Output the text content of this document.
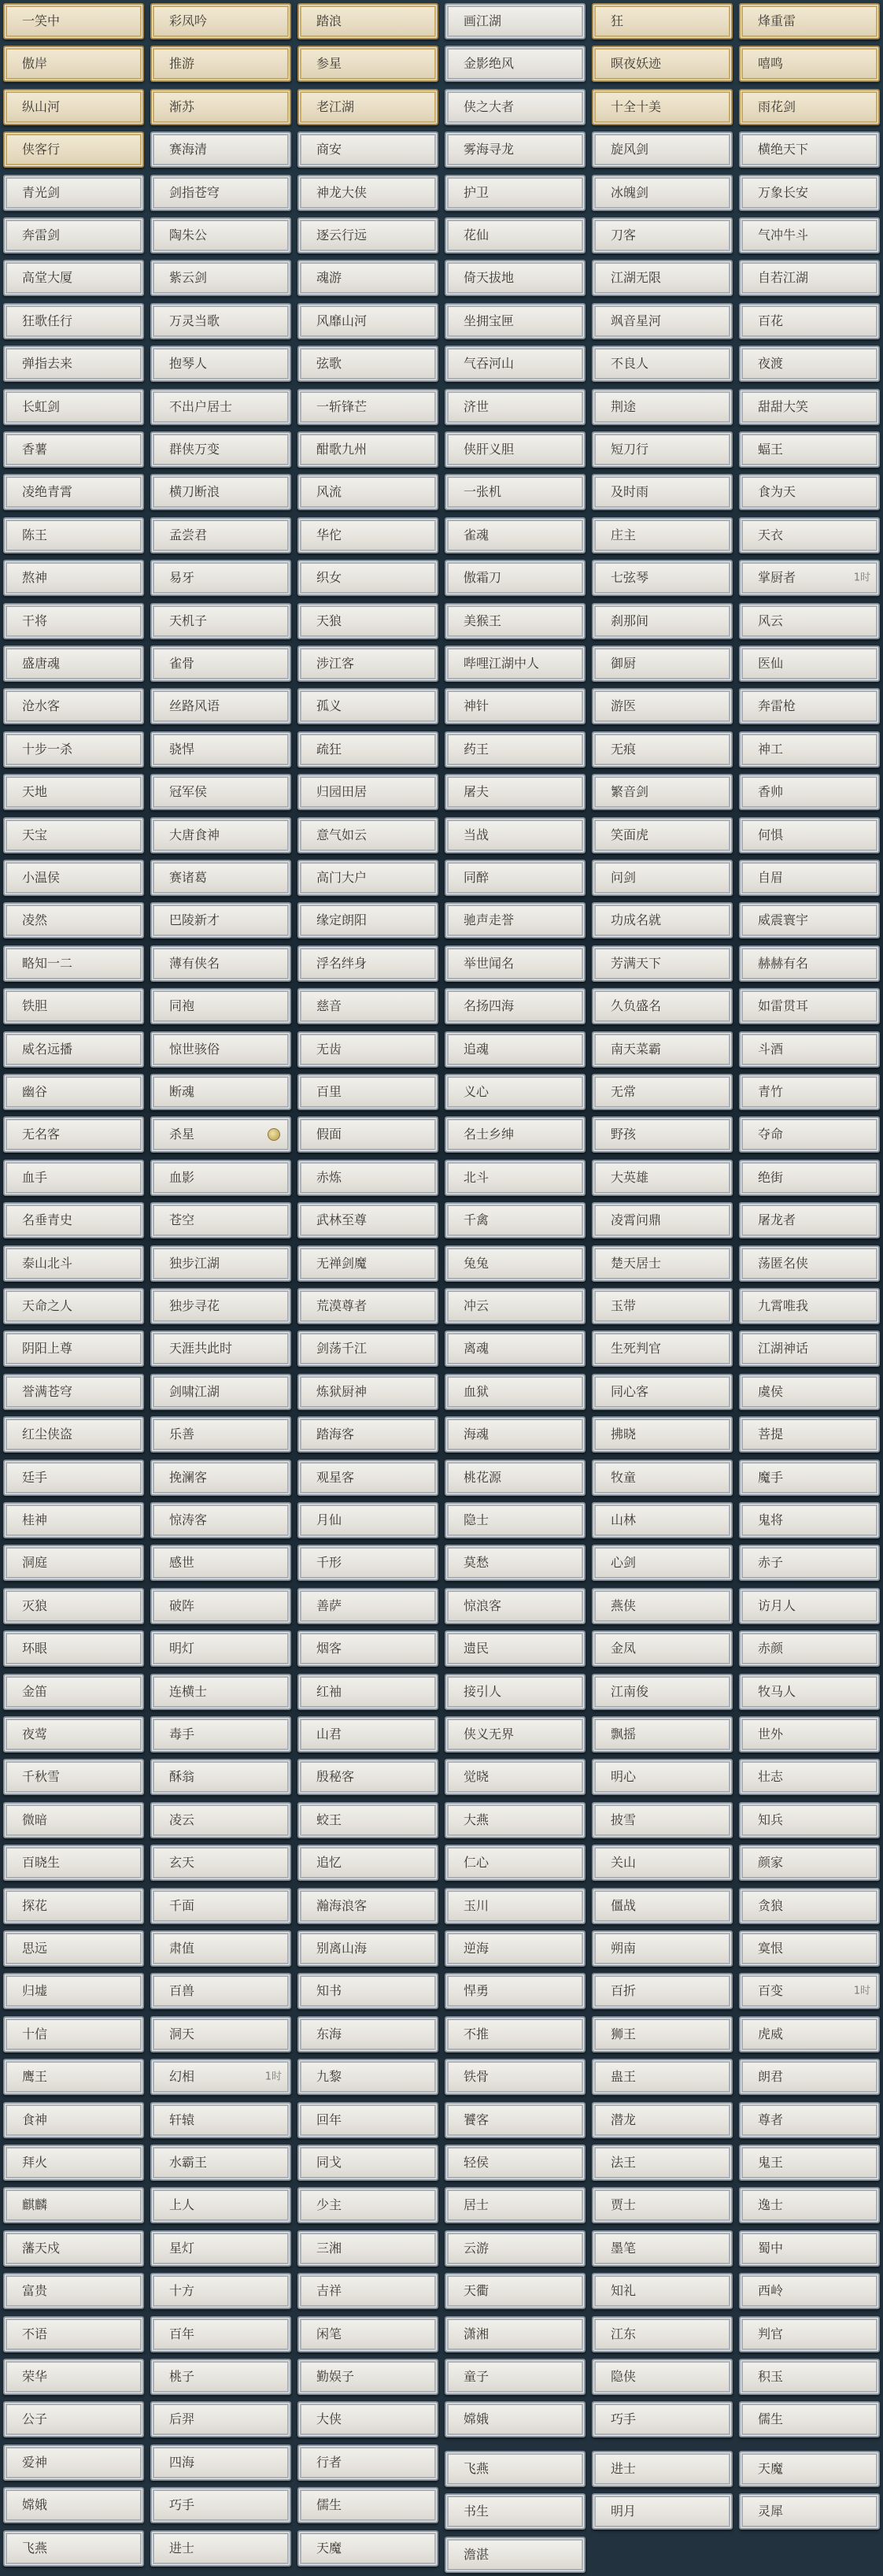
一笑中	彩凤吟	踏浪	画江湖	狂	烽重雷
傲岸	推游	参星	金影绝风	暝夜妖迹	嘻鸣
纵山河	渐苏	老江湖	侠之大者	十全十美	雨花剑
侠客行	赛海清	商安	雾海寻龙	旋风剑	横绝天下
青光剑	剑指苍穹	神龙大侠	护卫	冰魄剑	万象长安
奔雷剑	陶朱公	逐云行远	花仙	刀客	气冲牛斗
高堂大厦	紫云剑	魂游	倚天拔地	江湖无限	自若江湖
狂歌任行	万灵当歌	风靡山河	坐拥宝匣	飒音星河	百花
弹指去来	抱琴人	弦歌	气吞河山	不良人	夜渡
长虹剑	不出户居士	一斩锋芒	济世	荆途	甜甜大笑
香薯	群侠万变	酣歌九州	侠肝义胆	短刀行	蝠王
凌绝青霄	横刀断浪	风流	一张机	及时雨	食为天
陈王	孟尝君	华佗	雀魂	庄主	天衣
熬神	易牙	织女	傲霜刀	七弦琴	掌厨者	1时
干将	天机子	天狼	美猴王	刹那间	风云
盛唐魂	雀骨	涉江客	哔哩江湖中人	御厨	医仙
沧水客	丝路风语	孤义	神针	游医	奔雷枪
十步一杀	骁悍	疏狂	药王	无痕	神工
天地	冠军侯	归园田居	屠夫	繁音剑	香帅
天宝	大唐食神	意气如云	当战	笑面虎	何惧
小温侯	赛诸葛	高门大户	同醉	问剑	自眉
凌然	巴陵新才	缘定朗阳	驰声走誉	功成名就	威震寰宇
略知一二	薄有侠名	浮名绊身	举世闻名	芳满天下	赫赫有名
铁胆	同袍	慈音	名扬四海	久负盛名	如雷贯耳
威名远播	惊世骇俗	无齿	追魂	南天菜霸	斗酒
幽谷	断魂	百里	义心	无常	青竹
无名客	杀星	假面	名士乡绅	野孩	夺命
血手	血影	赤炼	北斗	大英雄	绝街
名垂青史	苍空	武林至尊	千禽	凌霄问鼎	屠龙者
泰山北斗	独步江湖	无禅剑魔	兔兔	楚天居士	荡匿名侠
天命之人	独步寻花	荒漠尊者	冲云	玉带	九霄唯我
阴阳上尊	天涯共此时	剑荡千江	离魂	生死判官	江湖神话
誉满苍穹	剑啸江湖	炼狱厨神	血狱	同心客	虞侯
红尘侠盗	乐善	踏海客	海魂	拂晓	菩提
廷手	挽澜客	观星客	桃花源	牧童	魔手
桂神	惊涛客	月仙	隐士	山林	鬼将
洞庭	感世	千形	莫愁	心剑	赤子
灭狼	破阵	善萨	惊浪客	燕侠	访月人
环眼	明灯	烟客	遗民	金凤	赤颜
金笛	连横士	红袖	接引人	江南俊	牧马人
夜莺	毒手	山君	侠义无界	飘摇	世外
千秋雪	酥翁	殷秘客	觉晓	明心	壮志
微暗	凌云	蛟王	大燕	披雪	知兵
百晓生	玄天	追忆	仁心	关山	颜家
探花	千面	瀚海浪客	玉川	僵战	贪狼
思远	肃值	别离山海	逆海	朔南	寞恨
归墟	百兽	知书	悍勇	百折	百变	1时
十信	洞天	东海	不推	狮王	虎威
鹰王	幻相	1时	九黎	铁骨	蛊王	朗君
食神	轩辕	回年	饕客	潜龙	尊者
拜火	水霸王	同戈	轻侯	法王	鬼王
麒麟	上人	少主	居士	贾士	逸士
藩天戍	星灯	三湘	云游	墨笔	蜀中
富贵	十方	吉祥	天衢	知礼	西岭
不语	百年	闲笔	潇湘	江东	判官
荣华	桃子	勤娱子	童子	隐侠	积玉
公子	后羿	大侠	嫦娥	巧手	儒生
爱神	四海	行者	飞燕	进士	天魔
嫦娥	巧手	儒生	书生	明月	灵犀
飞燕	进士	天魔	澹湛
